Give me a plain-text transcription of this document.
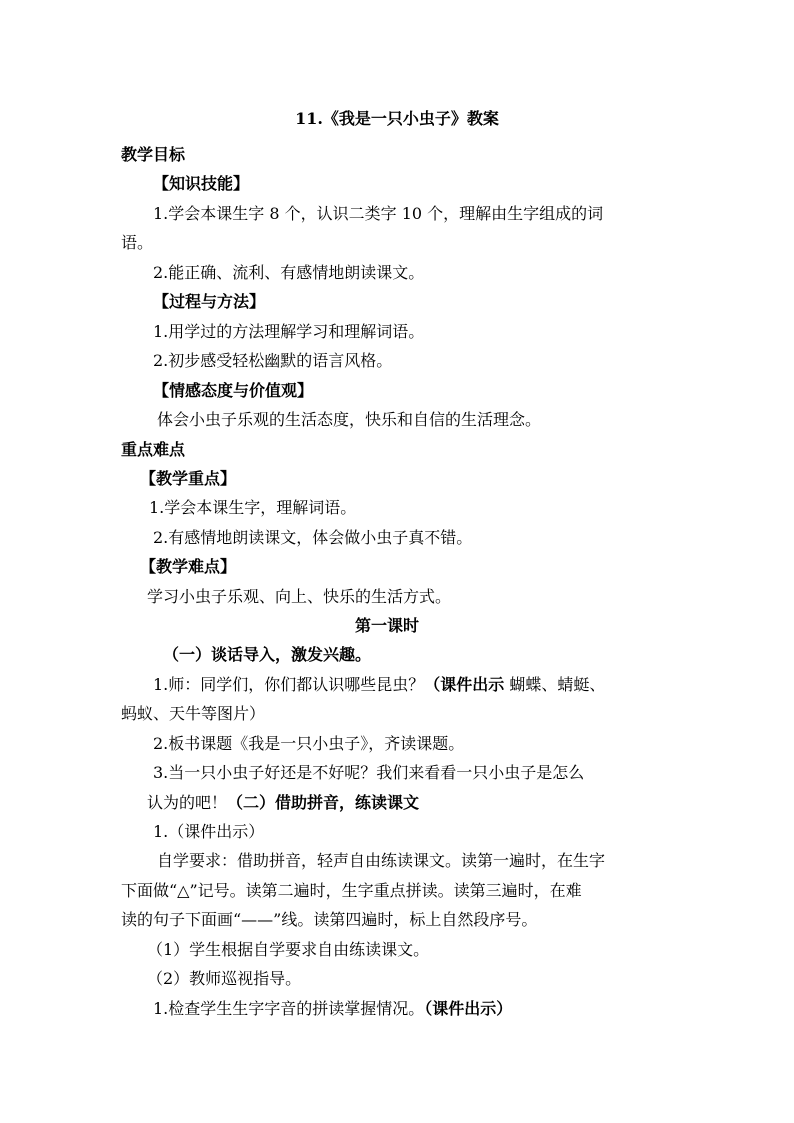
11.《我是一只小虫子》教案
教学目标
【知识技能】
1.学会本课生字 8 个，认识二类字 10 个，理解由生字组成的词
语。
2.能正确、流利、有感情地朗读课文。
【过程与方法】
1.用学过的方法理解学习和理解词语。
2.初步感受轻松幽默的语言风格。
【情感态度与价值观】
体会小虫子乐观的生活态度，快乐和自信的生活理念。
重点难点
【教学重点】
1.学会本课生字，理解词语。
2.有感情地朗读课文，体会做小虫子真不错。
【教学难点】
学习小虫子乐观、向上、快乐的生活方式。
第一课时
（一）谈话导入，激发兴趣。
1.师：同学们，你们都认识哪些昆虫？（课件出示 蝴蝶、蜻蜓、
蚂蚁、天牛等图片）
2.板书课题《我是一只小虫子》，齐读课题。
3.当一只小虫子好还是不好呢？我们来看看一只小虫子是怎么
认为的吧！（二）借助拼音，练读课文
1.（课件出示）
自学要求：借助拼音，轻声自由练读课文。读第一遍时，在生字
下面做“△”记号。读第二遍时，生字重点拼读。读第三遍时，在难
读的句子下面画“——”线。读第四遍时，标上自然段序号。
（1）学生根据自学要求自由练读课文。
（2）教师巡视指导。
1.检查学生生字字音的拼读掌握情况。（课件出示）
